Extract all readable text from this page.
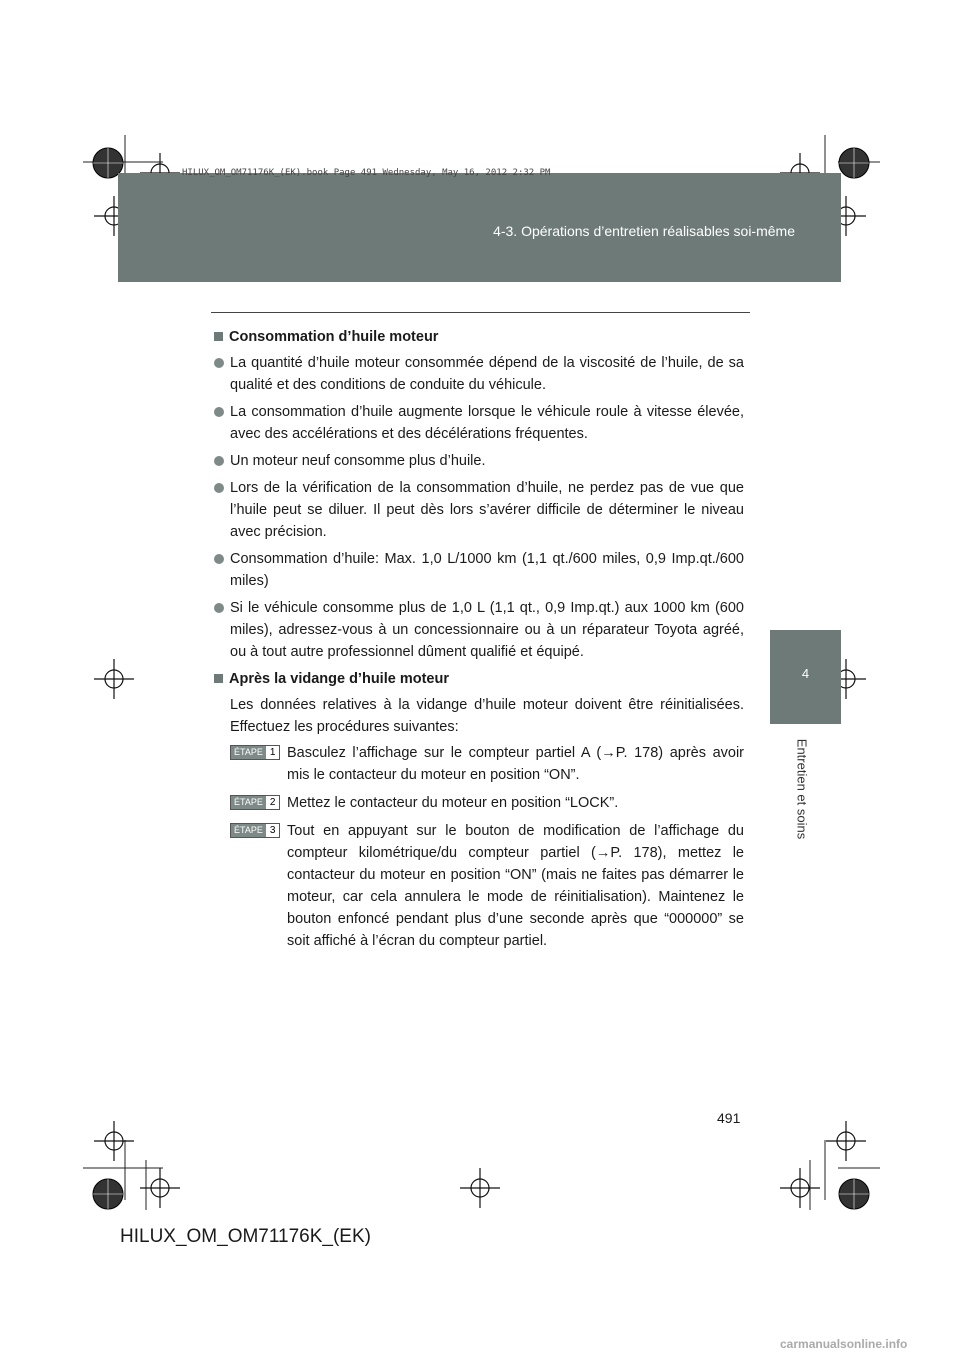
4-3. Opérations d’entretien réalisables soi-même
HILUX_OM_OM71176K_(EK).book Page 491 Wednesday, May 16, 2012 2:32 PM
4
Entretien et soins
Consommation d’huile moteur
La quantité d’huile moteur consommée dépend de la viscosité de l’huile, de sa qualité et des conditions de conduite du véhicule.
La consommation d’huile augmente lorsque le véhicule roule à vitesse élevée, avec des accélérations et des décélérations fréquentes.
Un moteur neuf consomme plus d’huile.
Lors de la vérification de la consommation d’huile, ne perdez pas de vue que l’huile peut se diluer. Il peut dès lors s’avérer difficile de déterminer le niveau avec précision.
Consommation d’huile: Max. 1,0 L/1000 km (1,1 qt./600 miles, 0,9 Imp.qt./600 miles)
Si le véhicule consomme plus de 1,0 L (1,1 qt., 0,9 Imp.qt.) aux 1000 km (600 miles), adressez-vous à un concessionnaire ou à un réparateur Toyota agréé, ou à tout autre professionnel dûment qualifié et équipé.
Après la vidange d’huile moteur
Les données relatives à la vidange d’huile moteur doivent être réinitialisées. Effectuez les procédures suivantes:
ÉTAPE 1 Basculez l’affichage sur le compteur partiel A (→P. 178) après avoir mis le contacteur du moteur en position “ON”.
ÉTAPE 2 Mettez le contacteur du moteur en position “LOCK”.
ÉTAPE 3 Tout en appuyant sur le bouton de modification de l’affichage du compteur kilométrique/du compteur partiel (→P. 178), mettez le contacteur du moteur en position “ON” (mais ne faites pas démarrer le moteur, car cela annulera le mode de réinitialisation). Maintenez le bouton enfoncé pendant plus d’une seconde après que “000000” se soit affiché à l’écran du compteur partiel.
491
HILUX_OM_OM71176K_(EK)
carmanualsonline.info
